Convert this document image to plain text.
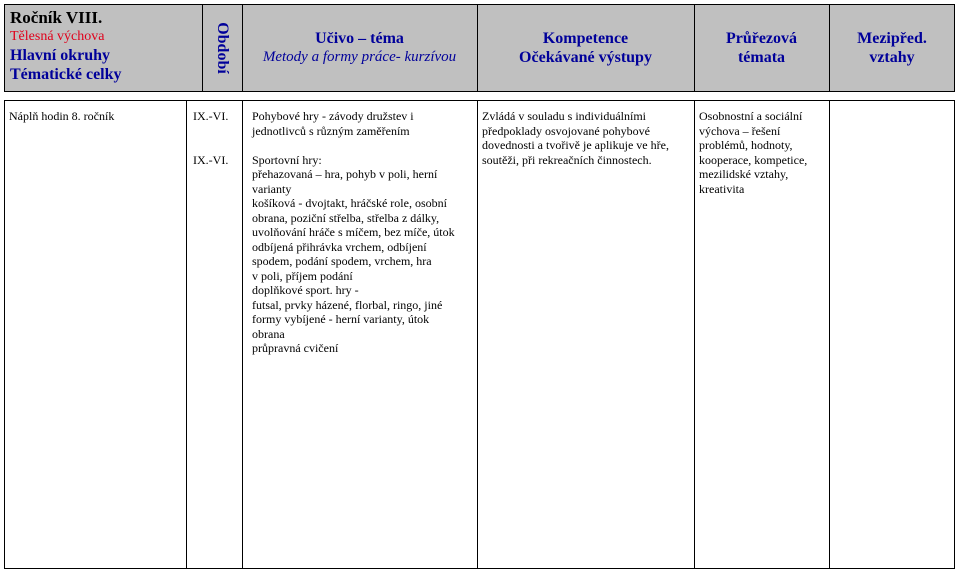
Ročník VIII.
Tělesná výchova
Hlavní okruhy
Tématické celky
Období	Učivo – téma
Metody a formy práce- kurzívou
Kompetence
Očekávané výstupy
Průřezová
témata
Mezipřed.
vztahy
Náplň hodin 8. ročník	IX.-VI.

IX.-VI.

Pohybové hry - závody družstev i

jednotlivců s různým zaměřením

Sportovní hry:

přehazovaná – hra, pohyb v poli, herní

varianty

košíková - dvojtakt, hráčské role, osobní

obrana, poziční střelba, střelba z dálky,

uvolňování hráče s míčem, bez míče, útok

odbíjená přihrávka vrchem, odbíjení

spodem, podání spodem, vrchem, hra

v poli, příjem podání

doplňkové sport. hry -

futsal, prvky házené, florbal, ringo, jiné

formy vybíjené - herní varianty, útok

obrana

průpravná cvičení

Zvládá v souladu s individuálními

předpoklady osvojované pohybové

dovednosti a tvořivě je aplikuje ve hře,

soutěži, při rekreačních činnostech.

Osobnostní a sociální

výchova – řešení

problémů, hodnoty,

kooperace, kompetice,

mezilidské vztahy,

kreativita
